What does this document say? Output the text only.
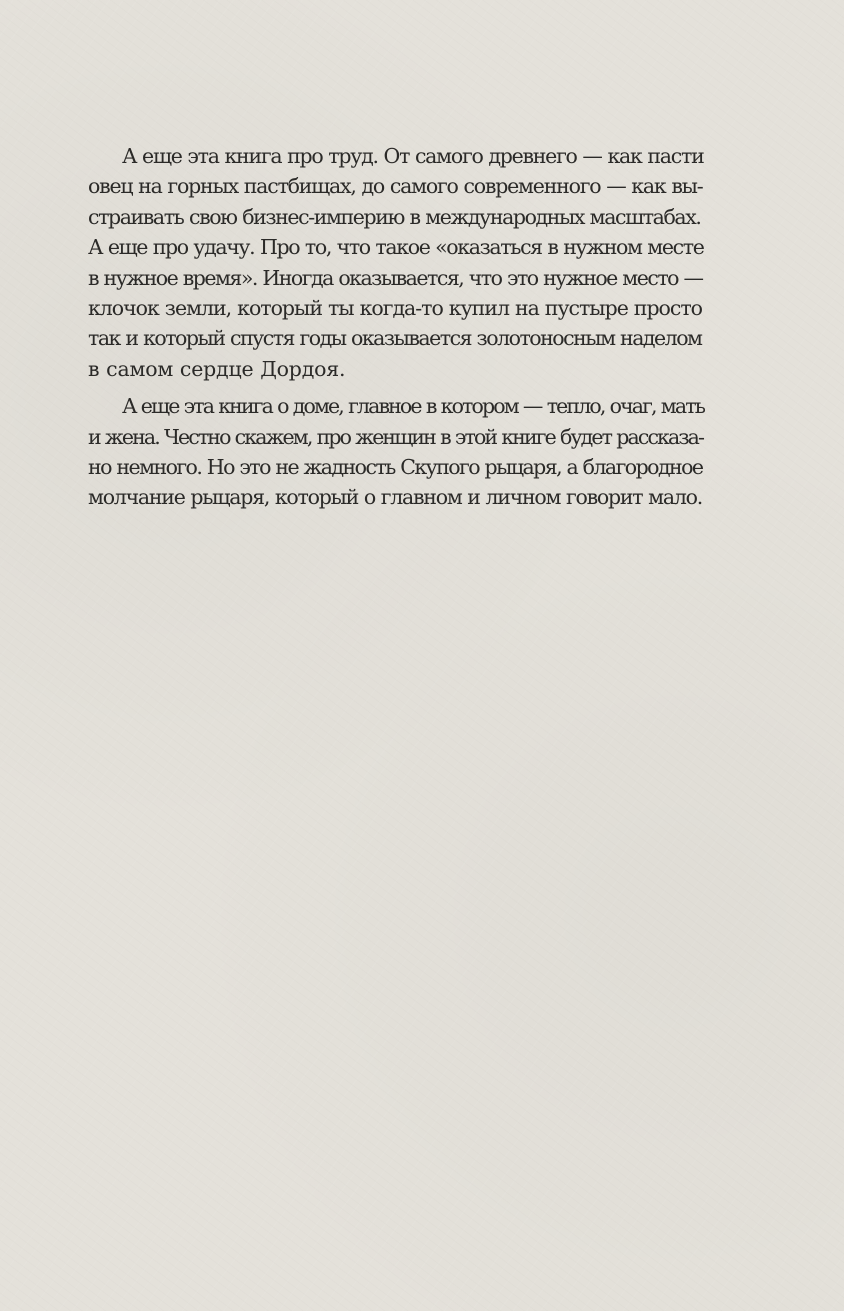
А еще эта книга про труд. От самого древнего — как пасти
овец на горных пастбищах, до самого современного — как вы-
страивать свою бизнес-империю в международных масштабах.
А еще про удачу. Про то, что такое «оказаться в нужном месте
в нужное время». Иногда оказывается, что это нужное место —
клочок земли, который ты когда-то купил на пустыре просто
так и который спустя годы оказывается золотоносным наделом
в самом сердце Дордоя.

А еще эта книга о доме, главное в котором — тепло, очаг, мать
и жена. Честно скажем, про женщин в этой книге будет рассказа-
но немного. Но это не жадность Скупого рыцаря, а благородное
молчание рыцаря, который о главном и личном говорит мало.
